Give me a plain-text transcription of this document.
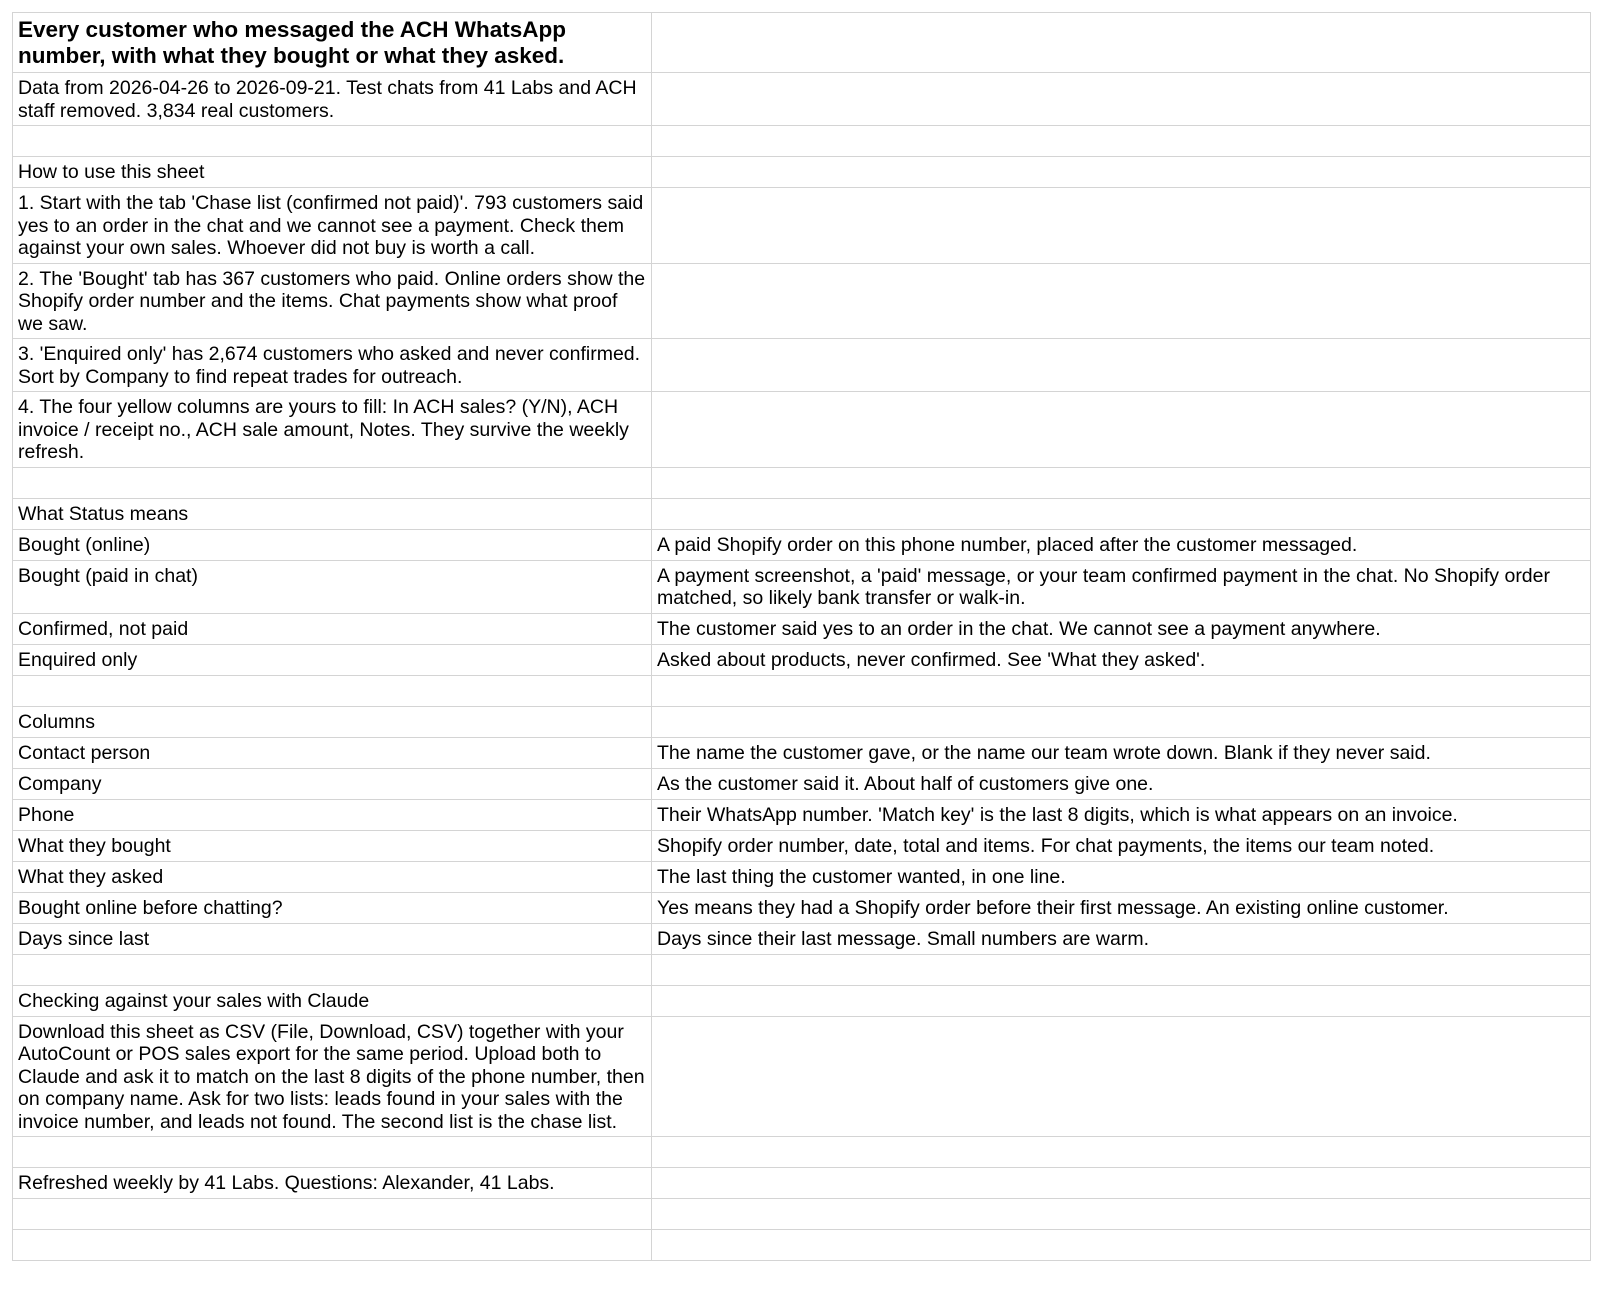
Every customer who messaged the ACH WhatsApp number, with what they bought or what they asked.	
Data from 2026-04-26 to 2026-09-21. Test chats from 41 Labs and ACH staff removed. 3,834 real customers.	

How to use this sheet	
1. Start with the tab 'Chase list (confirmed not paid)'. 793 customers said yes to an order in the chat and we cannot see a payment. Check them against your own sales. Whoever did not buy is worth a call.	
2. The 'Bought' tab has 367 customers who paid. Online orders show the Shopify order number and the items. Chat payments show what proof we saw.	
3. 'Enquired only' has 2,674 customers who asked and never confirmed. Sort by Company to find repeat trades for outreach.	
4. The four yellow columns are yours to fill: In ACH sales? (Y/N), ACH invoice / receipt no., ACH sale amount, Notes. They survive the weekly refresh.	

What Status means	
Bought (online)	A paid Shopify order on this phone number, placed after the customer messaged.
Bought (paid in chat)	A payment screenshot, a 'paid' message, or your team confirmed payment in the chat. No Shopify order matched, so likely bank transfer or walk-in.
Confirmed, not paid	The customer said yes to an order in the chat. We cannot see a payment anywhere.
Enquired only	Asked about products, never confirmed. See 'What they asked'.

Columns	
Contact person	The name the customer gave, or the name our team wrote down. Blank if they never said.
Company	As the customer said it. About half of customers give one.
Phone	Their WhatsApp number. 'Match key' is the last 8 digits, which is what appears on an invoice.
What they bought	Shopify order number, date, total and items. For chat payments, the items our team noted.
What they asked	The last thing the customer wanted, in one line.
Bought online before chatting?	Yes means they had a Shopify order before their first message. An existing online customer.
Days since last	Days since their last message. Small numbers are warm.

Checking against your sales with Claude	
Download this sheet as CSV (File, Download, CSV) together with your AutoCount or POS sales export for the same period. Upload both to Claude and ask it to match on the last 8 digits of the phone number, then on company name. Ask for two lists: leads found in your sales with the invoice number, and leads not found. The second list is the chase list.	

Refreshed weekly by 41 Labs. Questions: Alexander, 41 Labs.	
